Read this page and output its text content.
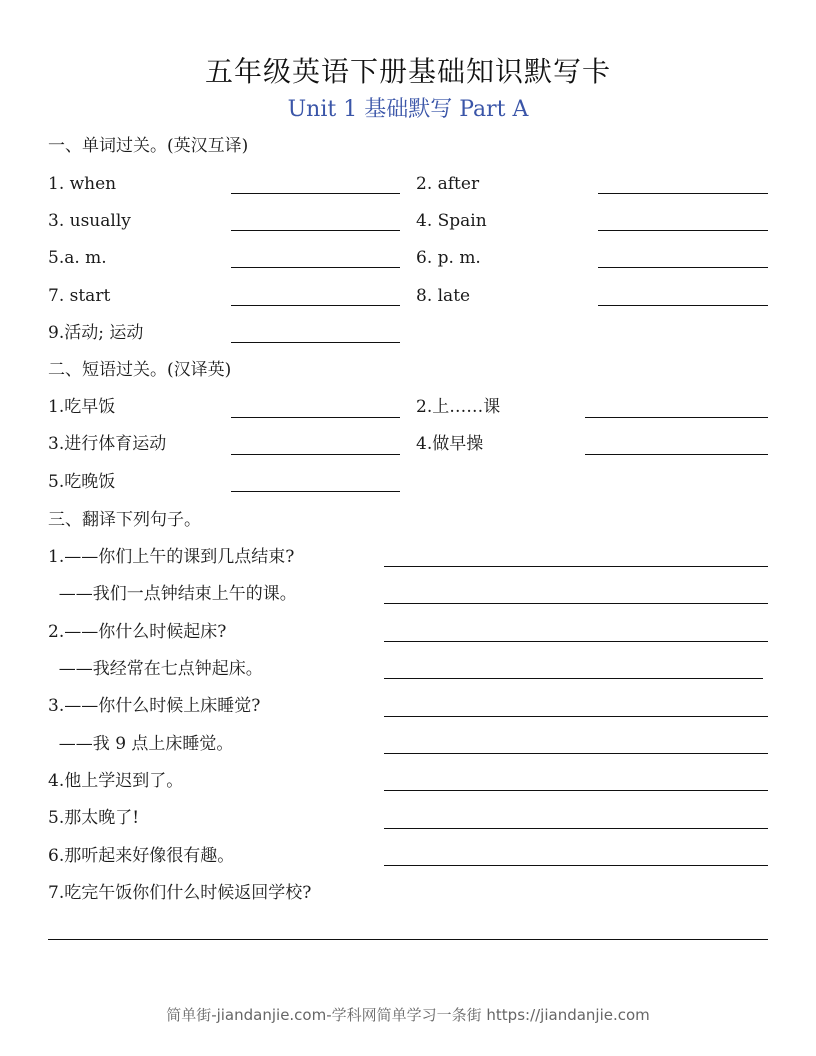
五年级英语下册基础知识默写卡
Unit 1 基础默写 Part A
一、单词过关。(英汉互译)
1. when	2. after
3. usually	4. Spain
5.a. m.	6. p. m.
7. start	8. late
9.活动; 运动
二、短语过关。(汉译英)
1.吃早饭	2.上……课
3.进行体育运动	4.做早操
5.吃晚饭
三、翻译下列句子。
1.——你们上午的课到几点结束?
——我们一点钟结束上午的课。
2.——你什么时候起床?
——我经常在七点钟起床。
3.——你什么时候上床睡觉?
——我 9 点上床睡觉。
4.他上学迟到了。
5.那太晚了!
6.那听起来好像很有趣。
7.吃完午饭你们什么时候返回学校?
简单街-jiandanjie.com-学科网简单学习一条街 https://jiandanjie.com
